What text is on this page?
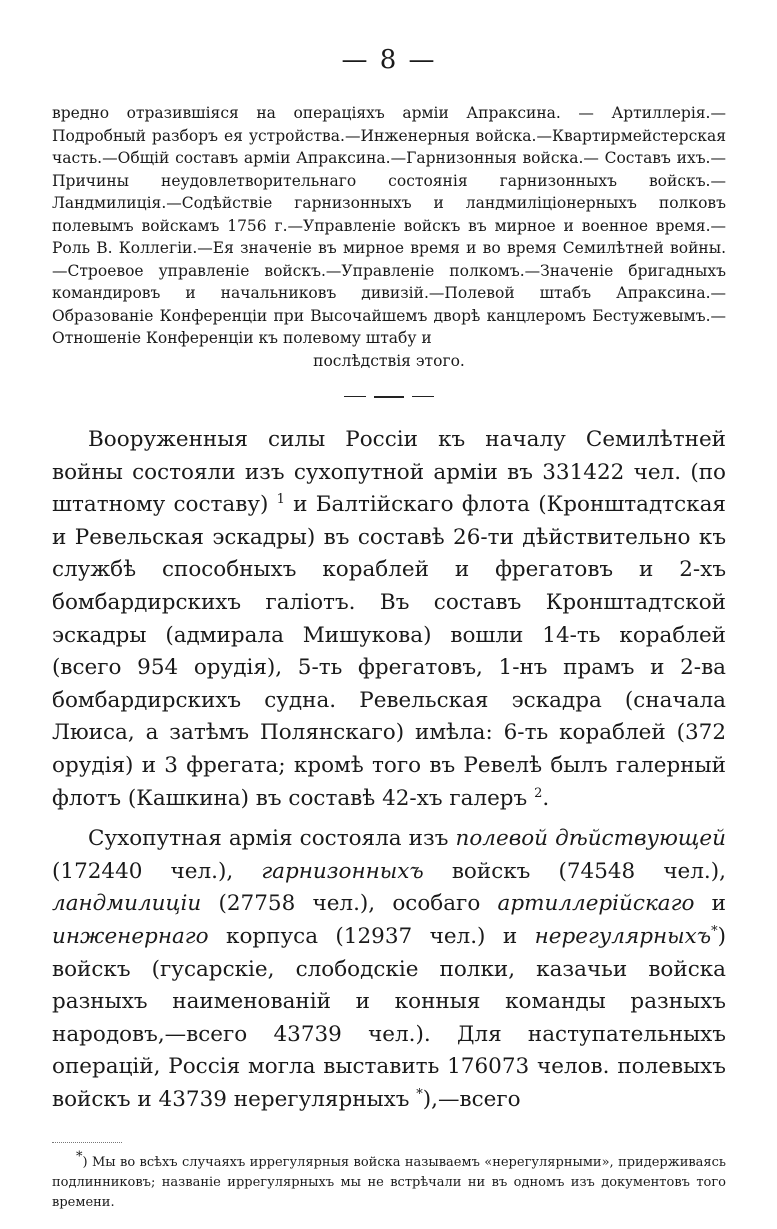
— 8 —

вредно отразившіяся на операціяхъ арміи Апраксина. — Артиллерія.— Подробный разборъ ея устройства.—Инженерныя войска.—Квартирмейстерская часть.—Общій составъ арміи Апраксина.—Гарнизонныя войска.— Составъ ихъ.—Причины неудовлетворительнаго состоянія гарнизонныхъ войскъ.—Ландмилиція.—Содѣйствіе гарнизонныхъ и ландмиліціонерныхъ полковъ полевымъ войскамъ 1756 г.—Управленіе войскъ въ мирное и военное время.—Роль В. Коллегіи.—Ея значеніе въ мирное время и во время Семилѣтней войны.—Строевое управленіе войскъ.—Управленіе полкомъ.—Значеніе бригадныхъ командировъ и начальниковъ дивизій.—Полевой штабъ Апраксина.—Образованіе Конференціи при Высочайшемъ дворѣ канцлеромъ Бестужевымъ.—Отношеніе Конференціи къ полевому штабу и

послѣдствія этого.

Вооруженныя силы Россіи къ началу Семилѣтней войны состояли изъ сухопутной арміи въ 331422 чел. (по штатному составу) $^1$ и Балтійскаго флота (Кронштадтская и Ревельская эскадры) въ составѣ 26-ти дѣйствительно къ службѣ способныхъ кораблей и фрегатовъ и 2-хъ бомбардирскихъ галіотъ. Въ составъ Кронштадтской эскадры (адмирала Мишукова) вошли 14-ть кораблей (всего 954 орудія), 5-ть фрегатовъ, 1-нъ прамъ и 2-ва бомбардирскихъ судна. Ревельская эскадра (сначала Люиса, а затѣмъ Полянскаго) имѣла: 6-ть кораблей (372 орудія) и 3 фрегата; кромѣ того въ Ревелѣ былъ галерный флотъ (Кашкина) въ составѣ 42-хъ галеръ $^2$.

Сухопутная армія состояла изъ полевой дѣйствующей (172440 чел.), гарнизонныхъ войскъ (74548 чел.), ландмилиціи (27758 чел.), особаго артиллерійскаго и инженернаго корпуса (12937 чел.) и нерегулярныхъ*) войскъ (гусарскіе, слободскіе полки, казачьи войска разныхъ наименованій и конныя команды разныхъ народовъ,—всего 43739 чел.). Для наступательныхъ операцій, Россія могла выставить 176073 челов. полевыхъ войскъ и 43739 нерегулярныхъ *),—всего

*) Мы во всѣхъ случаяхъ иррегулярныя войска называемъ «нерегулярными», придерживаясь подлинниковъ; названіе иррегулярныхъ мы не встрѣчали ни въ одномъ изъ документовъ того времени.
